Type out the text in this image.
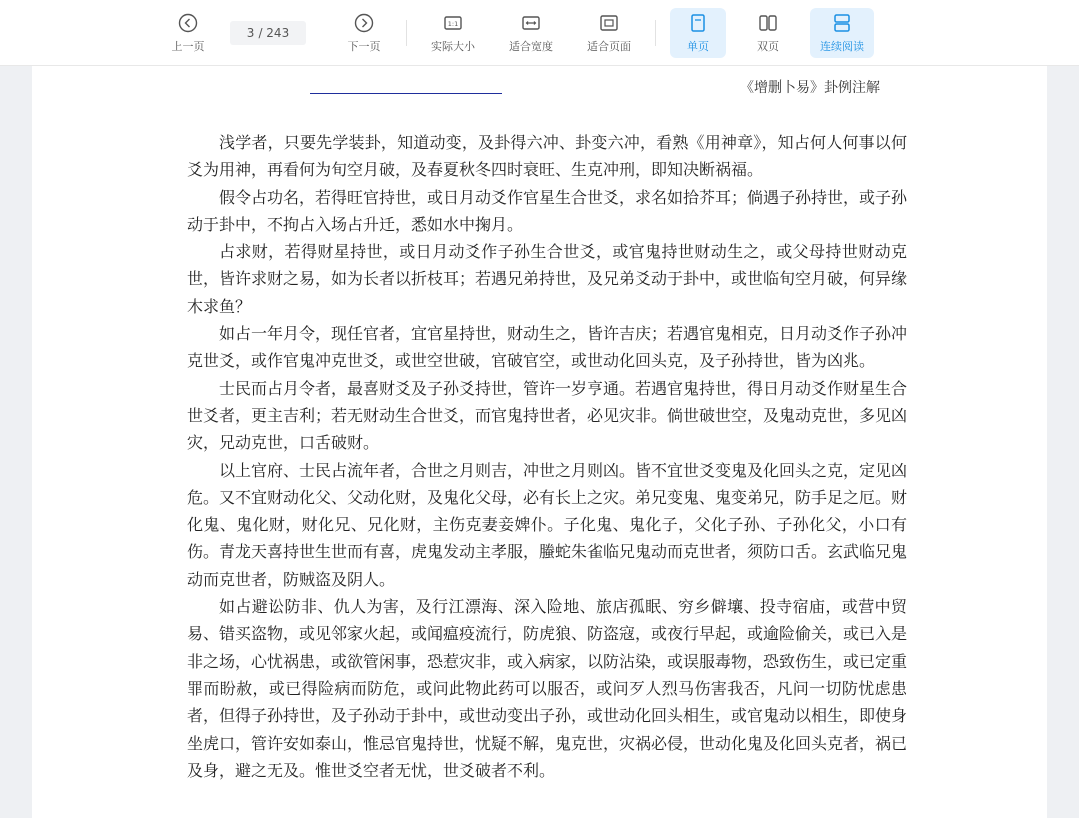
上一页
3 / 243
下一页
1:1
实际大小	适合宽度	适合页面	单页	双页	连续阅读
《增删卜易》卦例注解

浅学者，只要先学装卦，知道动变，及卦得六冲、卦变六冲，看熟《用神章》，知占何人何事以何爻为用神，再看何为旬空月破，及春夏秋冬四时衰旺、生克冲刑，即知决断祸福。

假令占功名，若得旺官持世，或日月动爻作官星生合世爻，求名如拾芥耳；倘遇子孙持世，或子孙动于卦中，不拘占入场占升迁，悉如水中掬月。

占求财，若得财星持世，或日月动爻作子孙生合世爻，或官鬼持世财动生之，或父母持世财动克世，皆许求财之易，如为长者以折枝耳；若遇兄弟持世，及兄弟爻动于卦中，或世临旬空月破，何异缘木求鱼？

如占一年月令，现任官者，宜官星持世，财动生之，皆许吉庆；若遇官鬼相克，日月动爻作子孙冲克世爻，或作官鬼冲克世爻，或世空世破，官破官空，或世动化回头克，及子孙持世，皆为凶兆。

士民而占月令者，最喜财爻及子孙爻持世，管许一岁亨通。若遇官鬼持世，得日月动爻作财星生合世爻者，更主吉利；若无财动生合世爻，而官鬼持世者，必见灾非。倘世破世空，及鬼动克世，多见凶灾，兄动克世，口舌破财。

以上官府、士民占流年者，合世之月则吉，冲世之月则凶。皆不宜世爻变鬼及化回头之克，定见凶危。又不宜财动化父、父动化财，及鬼化父母，必有长上之灾。弟兄变鬼、鬼变弟兄，防手足之厄。财化鬼、鬼化财，财化兄、兄化财，主伤克妻妾婢仆。子化鬼、鬼化子，父化子孙、子孙化父，小口有伤。青龙天喜持世生世而有喜，虎鬼发动主孝服，螣蛇朱雀临兄鬼动而克世者，须防口舌。玄武临兄鬼动而克世者，防贼盗及阴人。

如占避讼防非、仇人为害，及行江漂海、深入险地、旅店孤眠、穷乡僻壤、投寺宿庙，或营中贸易、错买盗物，或见邻家火起，或闻瘟疫流行，防虎狼、防盗寇，或夜行早起，或逾险偷关，或已入是非之场，心忧祸患，或欲管闲事，恐惹灾非，或入病家，以防沾染，或误服毒物，恐致伤生，或已定重罪而盼赦，或已得险病而防危，或问此物此药可以服否，或问歹人烈马伤害我否，凡问一切防忧虑患者，但得子孙持世，及子孙动于卦中，或世动变出子孙，或世动化回头相生，或官鬼动以相生，即使身坐虎口，管许安如泰山，惟忌官鬼持世，忧疑不解，鬼克世，灾祸必侵，世动化鬼及化回头克者，祸已及身，避之无及。惟世爻空者无忧，世爻破者不利。
